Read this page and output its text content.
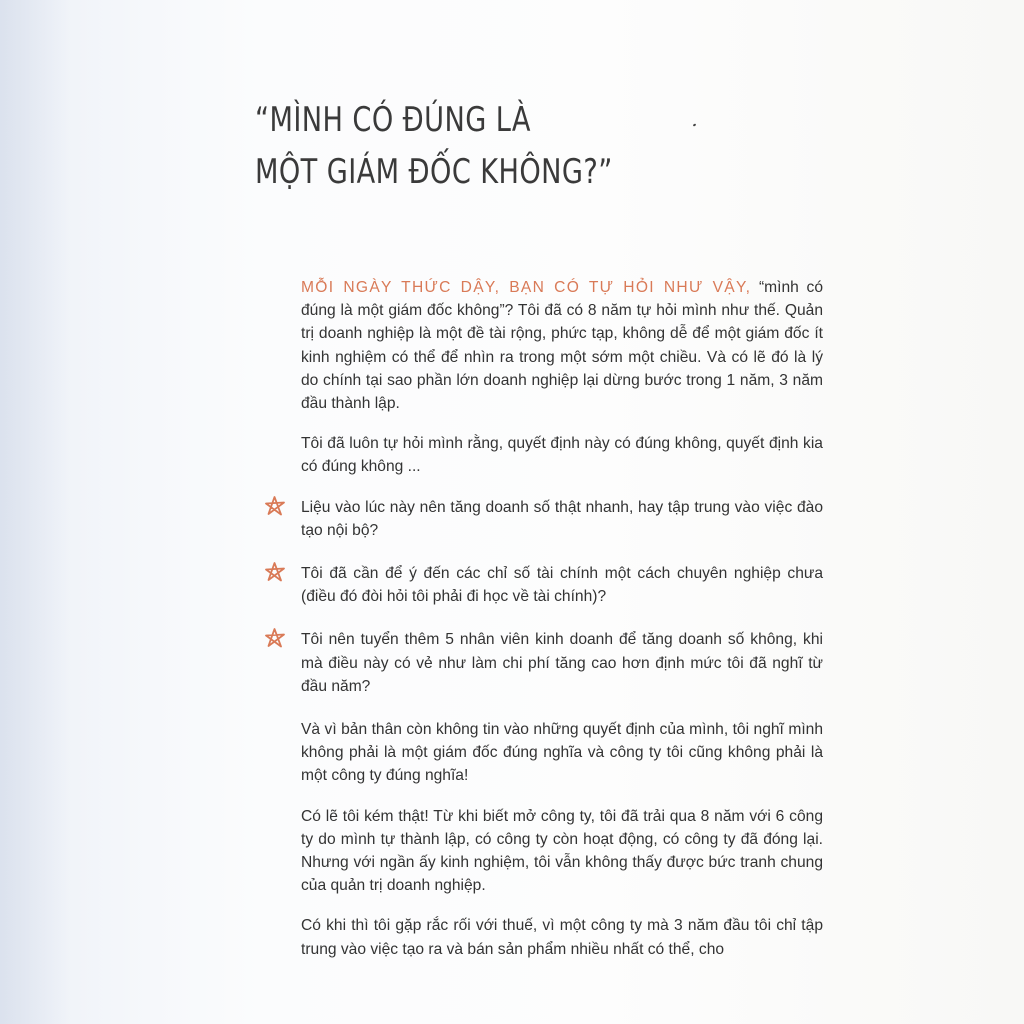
“MÌNH CÓ ĐÚNG LÀ
MỘT GIÁM ĐỐC KHÔNG?”

MỖI NGÀY THỨC DẬY, BẠN CÓ TỰ HỎI NHƯ VẬY, “mình có đúng là một giám đốc không”? Tôi đã có 8 năm tự hỏi mình như thế. Quản trị doanh nghiệp là một đề tài rộng, phức tạp, không dễ để một giám đốc ít kinh nghiệm có thể để nhìn ra trong một sớm một chiều. Và có lẽ đó là lý do chính tại sao phần lớn doanh nghiệp lại dừng bước trong 1 năm, 3 năm đầu thành lập.

Tôi đã luôn tự hỏi mình rằng, quyết định này có đúng không, quyết định kia có đúng không ...

Liệu vào lúc này nên tăng doanh số thật nhanh, hay tập trung vào việc đào tạo nội bộ?

Tôi đã cần để ý đến các chỉ số tài chính một cách chuyên nghiệp chưa (điều đó đòi hỏi tôi phải đi học về tài chính)?

Tôi nên tuyển thêm 5 nhân viên kinh doanh để tăng doanh số không, khi mà điều này có vẻ như làm chi phí tăng cao hơn định mức tôi đã nghĩ từ đầu năm?

Và vì bản thân còn không tin vào những quyết định của mình, tôi nghĩ mình không phải là một giám đốc đúng nghĩa và công ty tôi cũng không phải là một công ty đúng nghĩa!

Có lẽ tôi kém thật! Từ khi biết mở công ty, tôi đã trải qua 8 năm với 6 công ty do mình tự thành lập, có công ty còn hoạt động, có công ty đã đóng lại. Nhưng với ngần ấy kinh nghiệm, tôi vẫn không thấy được bức tranh chung của quản trị doanh nghiệp.

Có khi thì tôi gặp rắc rối với thuế, vì một công ty mà 3 năm đầu tôi chỉ tập trung vào việc tạo ra và bán sản phẩm nhiều nhất có thể, cho
